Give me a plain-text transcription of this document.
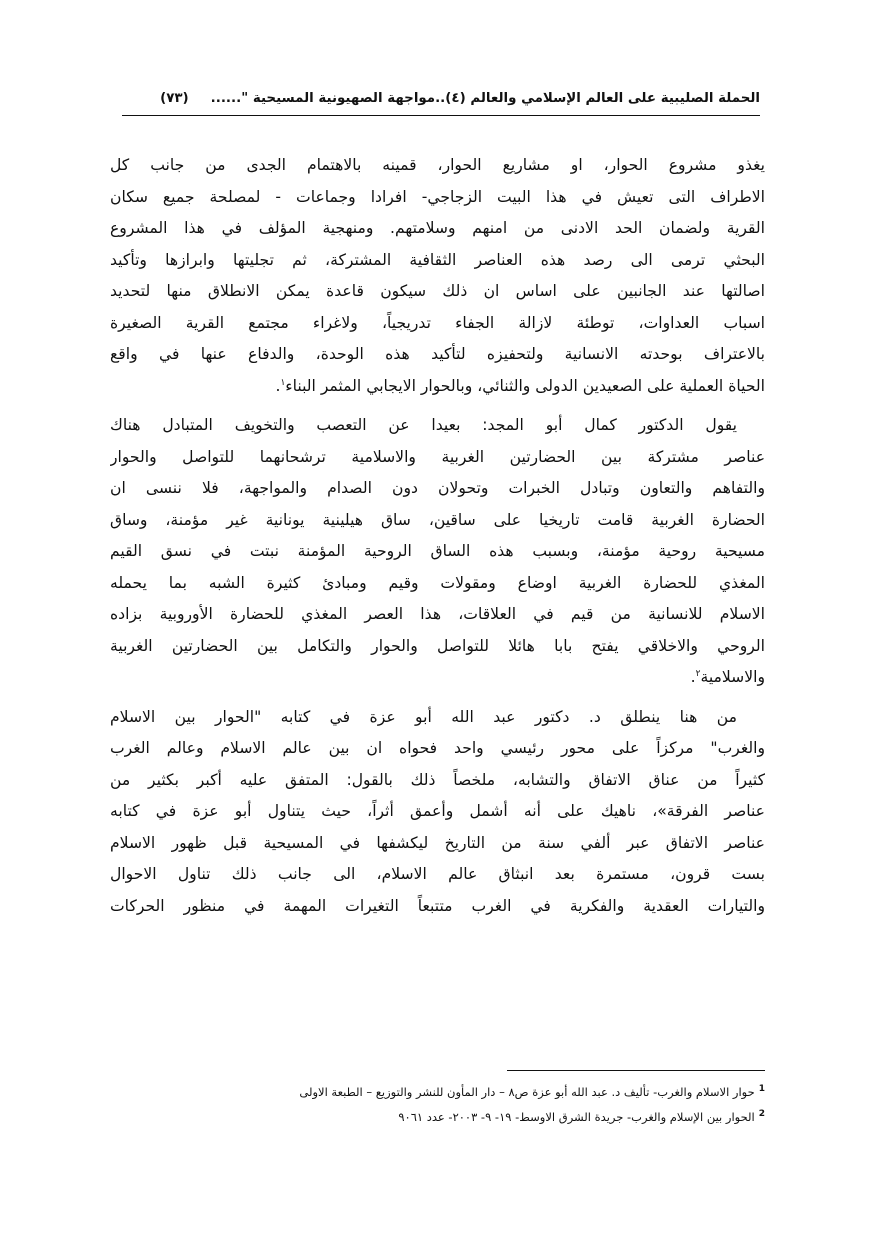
الحملة الصليبية على العالم الإسلامي والعالم (٤)..مواجهة الصهيونية المسيحية "......
(٧٣)
يغذو مشروع الحوار، او مشاريع الحوار، قمينه بالاهتمام الجدى من جانب كل
الاطراف التى تعيش في هذا البيت الزجاجي- افرادا وجماعات - لمصلحة جميع سكان
القرية ولضمان الحد الادنى من امنهم وسلامتهم. ومنهجية المؤلف في هذا المشروع
البحثي ترمى الى رصد هذه العناصر الثقافية المشتركة، ثم تجليتها وابرازها وتأكيد
اصالتها عند الجانبين على اساس ان ذلك سيكون قاعدة يمكن الانطلاق منها لتحديد
اسباب العداوات، توطئة لازالة الجفاء تدريجياً، ولاغراء مجتمع القرية الصغيرة
بالاعتراف بوحدته الانسانية ولتحفيزه لتأكيد هذه الوحدة، والدفاع عنها في واقع
الحياة العملية على الصعيدين الدولى والثنائي، وبالحوار الايجابي المثمر البناء$^١$.
يقول الدكتور كمال أبو المجد: بعيدا عن التعصب والتخويف المتبادل هناك
عناصر مشتركة بين الحضارتين الغربية والاسلامية ترشحانهما للتواصل والحوار
والتفاهم والتعاون وتبادل الخبرات وتحولان دون الصدام والمواجهة، فلا ننسى ان
الحضارة الغربية قامت تاريخيا على ساقين، ساق هيلينية يونانية غير مؤمنة، وساق
مسيحية روحية مؤمنة، وبسبب هذه الساق الروحية المؤمنة نبتت في نسق القيم
المغذي للحضارة الغربية اوضاع ومقولات وقيم ومبادئ كثيرة الشبه بما يحمله
الاسلام للانسانية من قيم في العلاقات، هذا العصر المغذي للحضارة الأوروبية بزاده
الروحي والاخلاقي يفتح بابا هائلا للتواصل والحوار والتكامل بين الحضارتين الغربية
والاسلامية$^٢$.
من هنا ينطلق د. دكتور عبد الله أبو عزة في كتابه "الحوار بين الاسلام
والغرب" مركزاً على محور رئيسي واحد فحواه ان بين عالم الاسلام وعالم الغرب
كثيراً من عناق الاتفاق والتشابه، ملخصاً ذلك بالقول: المتفق عليه أكبر بكثير من
عناصر الفرقة»، ناهيك على أنه أشمل وأعمق أثراً، حيث يتناول أبو عزة في كتابه
عناصر الاتفاق عبر ألفي سنة من التاريخ ليكشفها في المسيحية قبل ظهور الاسلام
بست قرون، مستمرة بعد انبثاق عالم الاسلام، الى جانب ذلك تناول الاحوال
والتيارات العقدية والفكرية في الغرب متتبعاً التغيرات المهمة في منظور الحركات
$^1$حوار الاسلام والغرب- تأليف د. عبد الله أبو عزة ص٨ – دار المأون للنشر والتوزيع – الطبعة الاولى
$^2$الحوار بين الإسلام والغرب- جريدة الشرق الاوسط- ١٩- ٩- ٢٠٠٣- عدد ٩٠٦١
